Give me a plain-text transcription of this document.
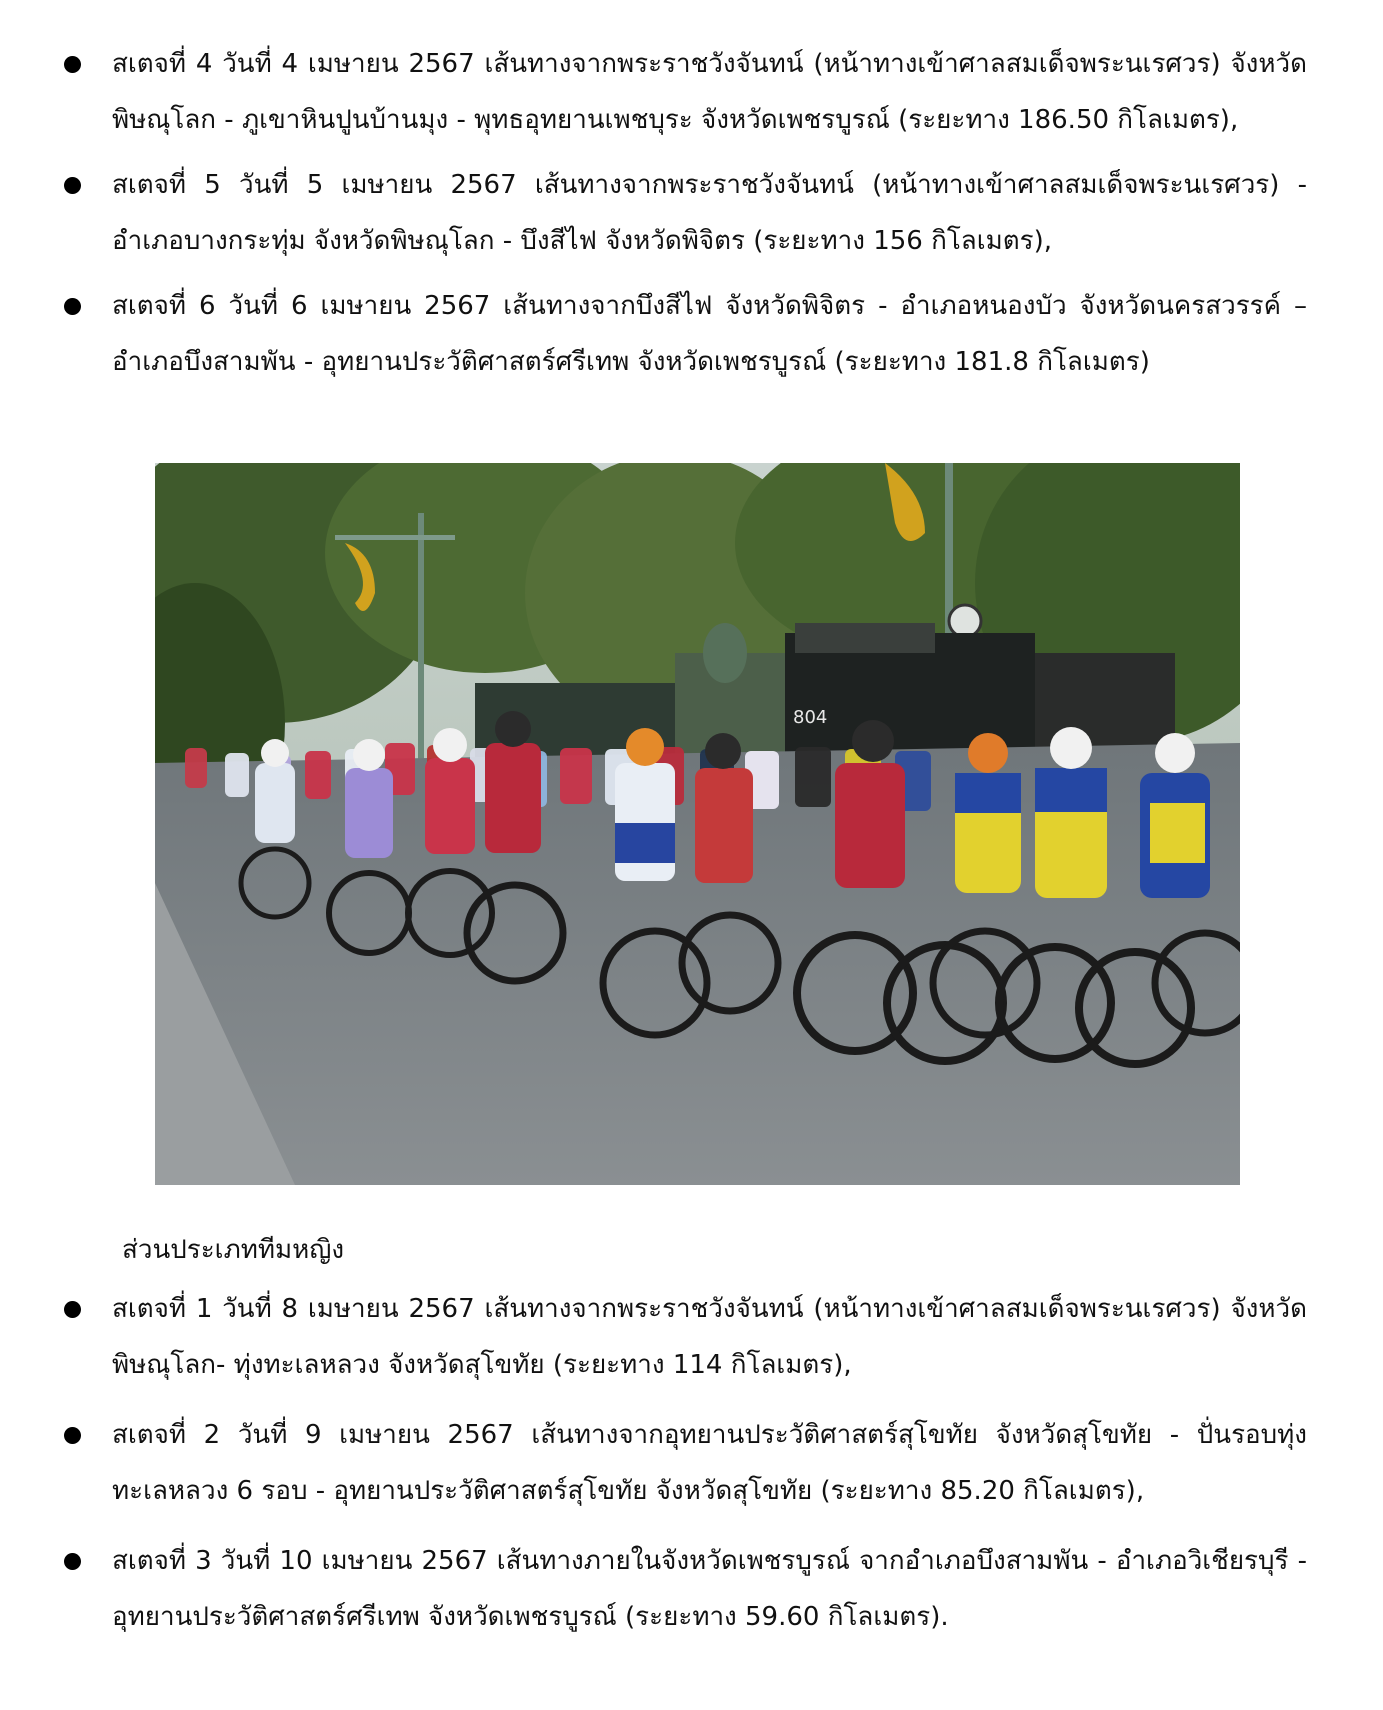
สเตจที่ 4 วันที่ 4 เมษายน 2567 เส้นทางจากพระราชวังจันทน์ (หน้าทางเข้าศาลสมเด็จพระนเรศวร) จังหวัดพิษณุโลก - ภูเขาหินปูนบ้านมุง - พุทธอุทยานเพชบุระ จังหวัดเพชรบูรณ์ (ระยะทาง 186.50 กิโลเมตร),
สเตจที่ 5 วันที่ 5 เมษายน 2567 เส้นทางจากพระราชวังจันทน์ (หน้าทางเข้าศาลสมเด็จพระนเรศวร) - อำเภอบางกระทุ่ม จังหวัดพิษณุโลก - บึงสีไฟ จังหวัดพิจิตร (ระยะทาง 156 กิโลเมตร),
สเตจที่ 6 วันที่ 6 เมษายน 2567 เส้นทางจากบึงสีไฟ จังหวัดพิจิตร - อำเภอหนองบัว จังหวัดนครสวรรค์ – อำเภอบึงสามพัน - อุทยานประวัติศาสตร์ศรีเทพ จังหวัดเพชรบูรณ์ (ระยะทาง 181.8 กิโลเมตร)
804
ส่วนประเภททีมหญิง
สเตจที่ 1 วันที่ 8 เมษายน 2567 เส้นทางจากพระราชวังจันทน์ (หน้าทางเข้าศาลสมเด็จพระนเรศวร) จังหวัดพิษณุโลก- ทุ่งทะเลหลวง จังหวัดสุโขทัย (ระยะทาง 114 กิโลเมตร),
สเตจที่ 2 วันที่ 9 เมษายน 2567 เส้นทางจากอุทยานประวัติศาสตร์สุโขทัย จังหวัดสุโขทัย - ปั่นรอบทุ่งทะเลหลวง 6 รอบ - อุทยานประวัติศาสตร์สุโขทัย จังหวัดสุโขทัย (ระยะทาง 85.20 กิโลเมตร),
สเตจที่ 3 วันที่ 10 เมษายน 2567 เส้นทางภายในจังหวัดเพชรบูรณ์ จากอำเภอบึงสามพัน - อำเภอวิเชียรบุรี - อุทยานประวัติศาสตร์ศรีเทพ จังหวัดเพชรบูรณ์ (ระยะทาง 59.60 กิโลเมตร).
